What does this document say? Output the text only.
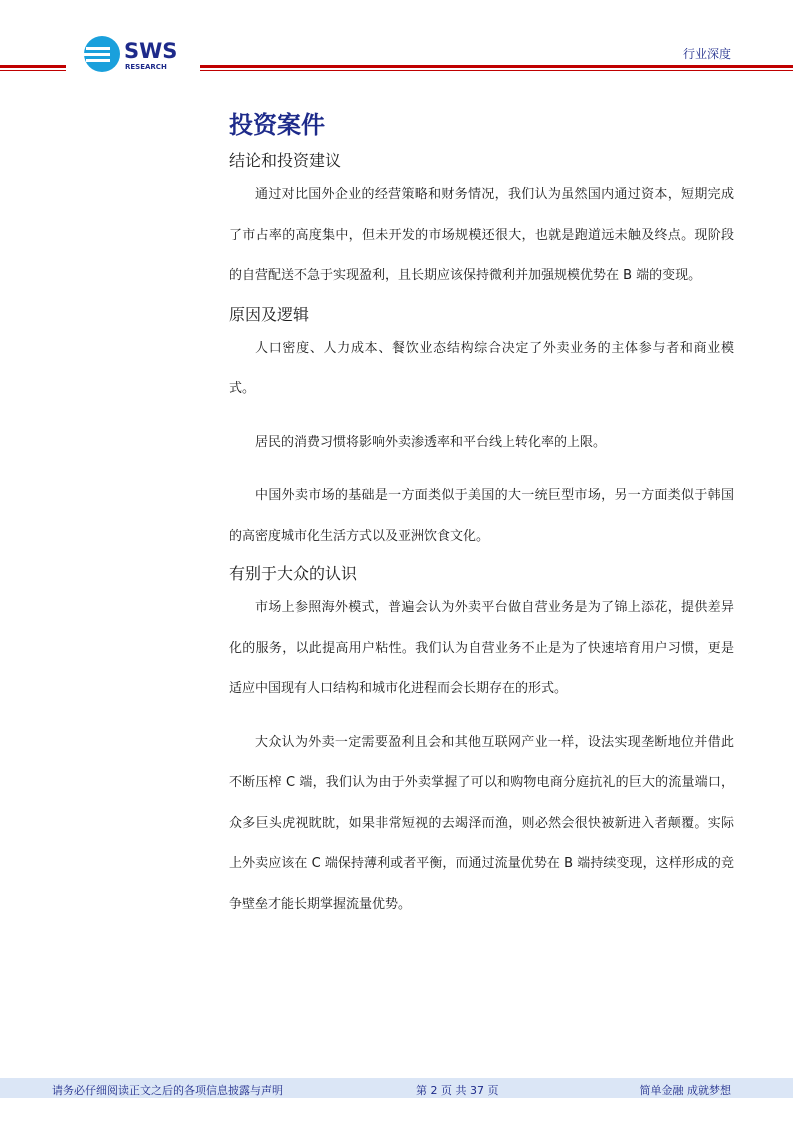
SWS
RESEARCH
行业深度
投资案件
结论和投资建议
通过对比国外企业的经营策略和财务情况，我们认为虽然国内通过资本，短期完成了市占率的高度集中，但未开发的市场规模还很大，也就是跑道远未触及终点。现阶段的自营配送不急于实现盈利，且长期应该保持微利并加强规模优势在 B 端的变现。
原因及逻辑
人口密度、人力成本、餐饮业态结构综合决定了外卖业务的主体参与者和商业模式。
居民的消费习惯将影响外卖渗透率和平台线上转化率的上限。
中国外卖市场的基础是一方面类似于美国的大一统巨型市场，另一方面类似于韩国的高密度城市化生活方式以及亚洲饮食文化。
有别于大众的认识
市场上参照海外模式，普遍会认为外卖平台做自营业务是为了锦上添花，提供差异化的服务，以此提高用户粘性。我们认为自营业务不止是为了快速培育用户习惯，更是适应中国现有人口结构和城市化进程而会长期存在的形式。
大众认为外卖一定需要盈利且会和其他互联网产业一样，设法实现垄断地位并借此不断压榨 C 端，我们认为由于外卖掌握了可以和购物电商分庭抗礼的巨大的流量端口，众多巨头虎视眈眈，如果非常短视的去竭泽而渔，则必然会很快被新进入者颠覆。实际上外卖应该在 C 端保持薄利或者平衡，而通过流量优势在 B 端持续变现，这样形成的竞争壁垒才能长期掌握流量优势。
请务必仔细阅读正文之后的各项信息披露与声明	第 2 页 共 37 页	简单金融 成就梦想
